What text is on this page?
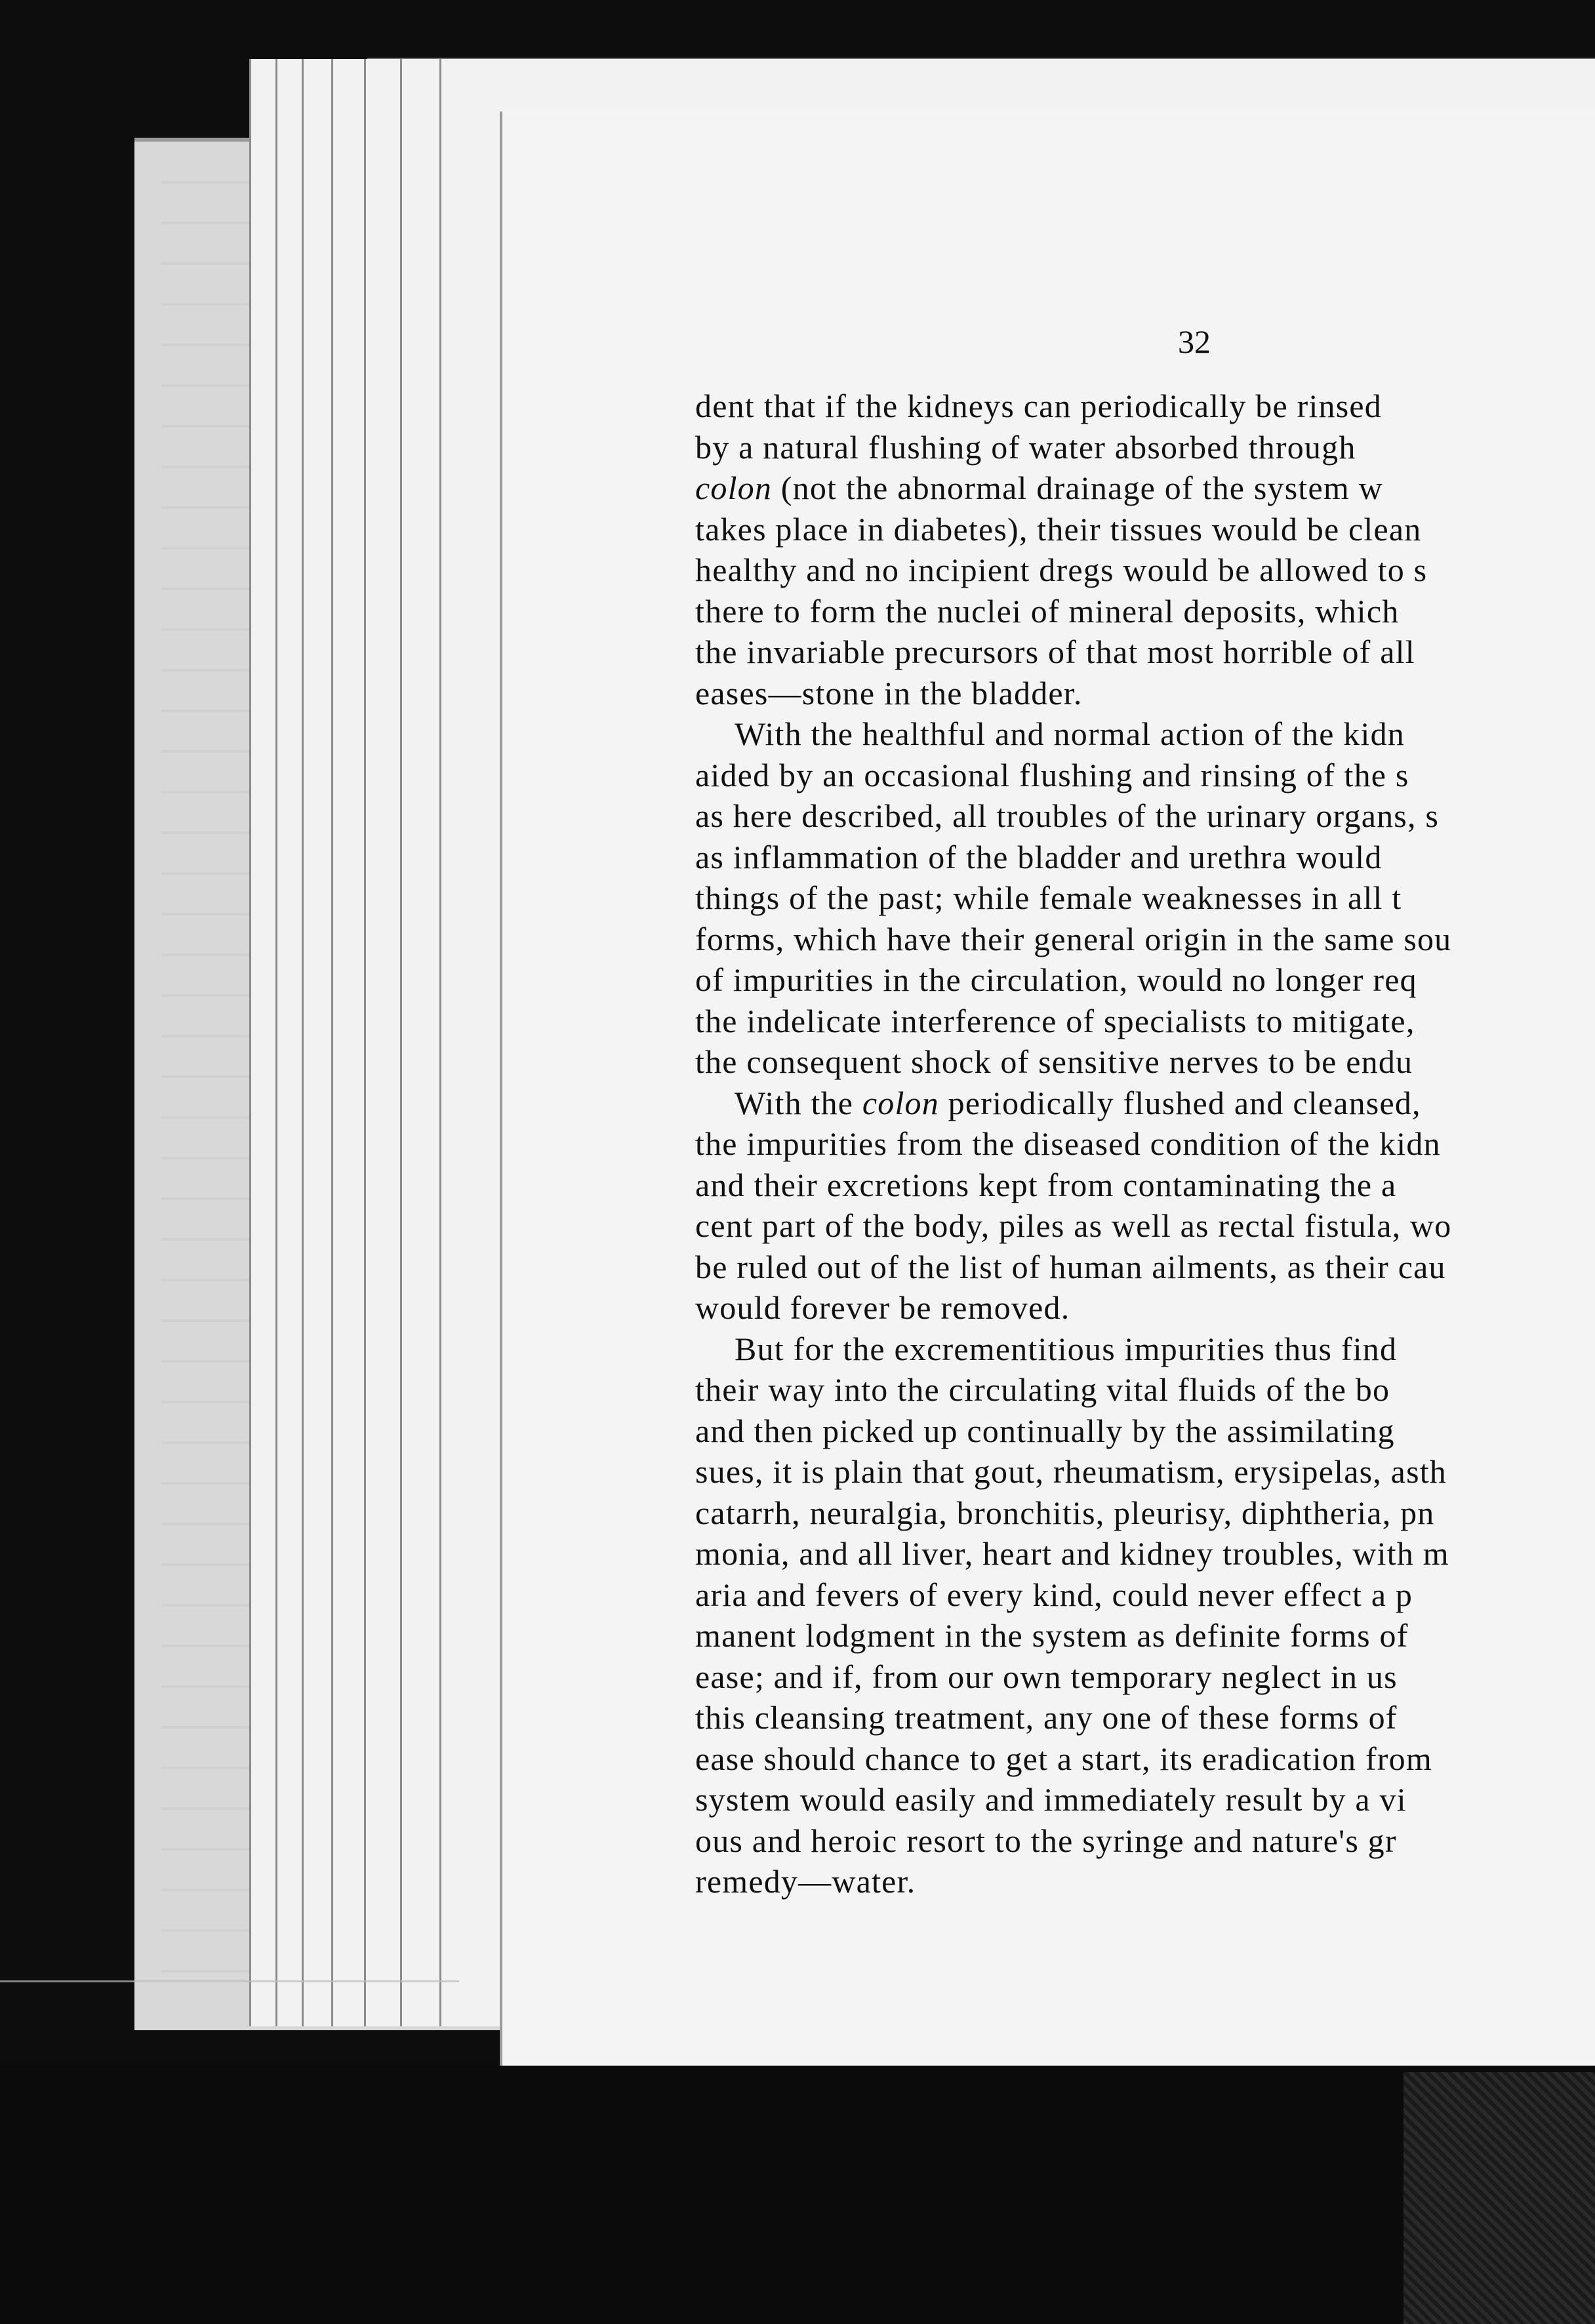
32

dent that if the kidneys can periodically be rinsed
by a natural flushing of water absorbed through
colon (not the abnormal drainage of the system w
takes place in diabetes), their tissues would be clean
healthy and no incipient dregs would be allowed to s
there to form the nuclei of mineral deposits, which
the invariable precursors of that most horrible of all
eases—stone in the bladder.
With the healthful and normal action of the kidn
aided by an occasional flushing and rinsing of the s
as here described, all troubles of the urinary organs, s
as inflammation of the bladder and urethra would
things of the past; while female weaknesses in all t
forms, which have their general origin in the same sou
of impurities in the circulation, would no longer req
the indelicate interference of specialists to mitigate,
the consequent shock of sensitive nerves to be endu
With the colon periodically flushed and cleansed,
the impurities from the diseased condition of the kidn
and their excretions kept from contaminating the a
cent part of the body, piles as well as rectal fistula, wo
be ruled out of the list of human ailments, as their cau
would forever be removed.
But for the excrementitious impurities thus find
their way into the circulating vital fluids of the bo
and then picked up continually by the assimilating
sues, it is plain that gout, rheumatism, erysipelas, asth
catarrh, neuralgia, bronchitis, pleurisy, diphtheria, pn
monia, and all liver, heart and kidney troubles, with m
aria and fevers of every kind, could never effect a p
manent lodgment in the system as definite forms of
ease; and if, from our own temporary neglect in us
this cleansing treatment, any one of these forms of
ease should chance to get a start, its eradication from
system would easily and immediately result by a vi
ous and heroic resort to the syringe and nature's gr
remedy—water.
